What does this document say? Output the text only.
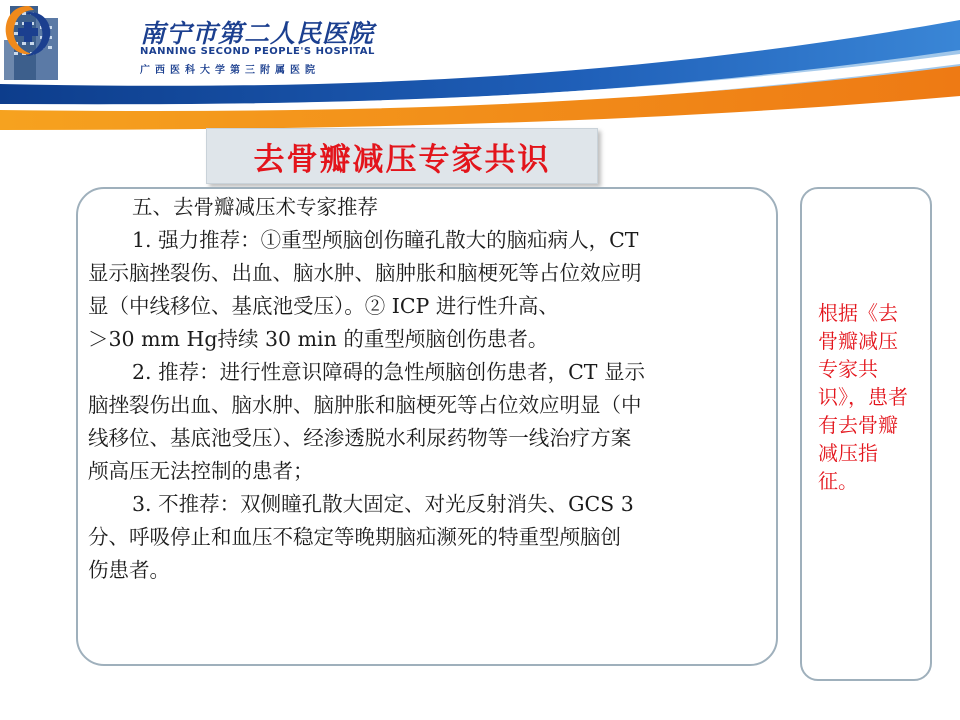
南宁市第二人民医院
NANNING SECOND PEOPLE'S HOSPITAL
广西医科大学第三附属医院
去骨瓣减压专家共识
五、去骨瓣减压术专家推荐
1. 强力推荐：①重型颅脑创伤瞳孔散大的脑疝病人，CT
显示脑挫裂伤、出血、脑水肿、脑肿胀和脑梗死等占位效应明
显（中线移位、基底池受压）。② ICP 进行性升高、
＞30 mm Hg持续 30 min 的重型颅脑创伤患者。
2. 推荐：进行性意识障碍的急性颅脑创伤患者，CT 显示
脑挫裂伤出血、脑水肿、脑肿胀和脑梗死等占位效应明显（中
线移位、基底池受压）、经渗透脱水利尿药物等一线治疗方案
颅高压无法控制的患者；
3. 不推荐：双侧瞳孔散大固定、对光反射消失、GCS 3
分、呼吸停止和血压不稳定等晚期脑疝濒死的特重型颅脑创
伤患者。
根据《去骨瓣减压专家共识》，患者有去骨瓣减压指征。
